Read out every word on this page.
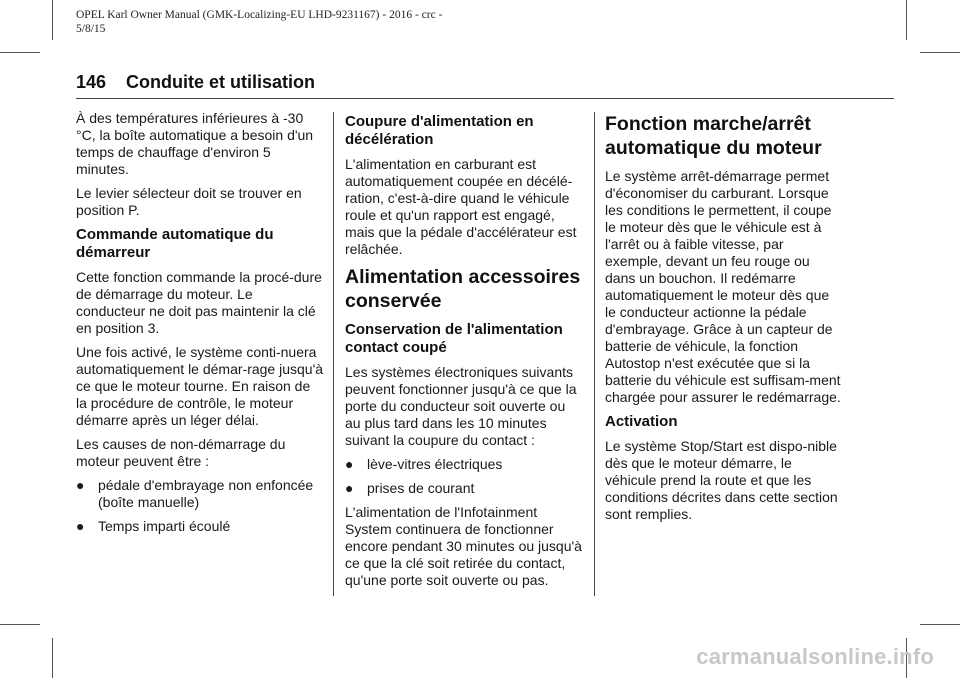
OPEL Karl Owner Manual (GMK-Localizing-EU LHD-9231167) - 2016 - crc -
5/8/15
146	Conduite et utilisation

À des températures inférieures à -30 °C, la boîte automatique a besoin d'un temps de chauffage d'environ 5 minutes.

Le levier sélecteur doit se trouver en position P.

Commande automatique du démarreur

Cette fonction commande la procé-dure de démarrage du moteur. Le conducteur ne doit pas maintenir la clé en position 3.

Une fois activé, le système conti-nuera automatiquement le démar-rage jusqu'à ce que le moteur tourne. En raison de la procédure de contrôle, le moteur démarre après un léger délai.

Les causes de non-démarrage du moteur peuvent être :

● pédale d'embrayage non enfoncée (boîte manuelle)
● Temps imparti écoulé
Coupure d'alimentation en décélération

L'alimentation en carburant est automatiquement coupée en décélé-ration, c'est-à-dire quand le véhicule roule et qu'un rapport est engagé, mais que la pédale d'accélérateur est relâchée.

Alimentation accessoires conservée
Conservation de l'alimentation contact coupé

Les systèmes électroniques suivants peuvent fonctionner jusqu'à ce que la porte du conducteur soit ouverte ou au plus tard dans les 10 minutes suivant la coupure du contact :

● lève-vitres électriques
● prises de courant

L'alimentation de l'Infotainment System continuera de fonctionner encore pendant 30 minutes ou jusqu'à ce que la clé soit retirée du contact, qu'une porte soit ouverte ou pas.

Fonction marche/arrêt automatique du moteur

Le système arrêt-démarrage permet d'économiser du carburant. Lorsque les conditions le permettent, il coupe le moteur dès que le véhicule est à l'arrêt ou à faible vitesse, par exemple, devant un feu rouge ou dans un bouchon. Il redémarre automatiquement le moteur dès que le conducteur actionne la pédale d'embrayage. Grâce à un capteur de batterie de véhicule, la fonction Autostop n'est exécutée que si la batterie du véhicule est suffisam-ment chargée pour assurer le redémarrage.

Activation

Le système Stop/Start est dispo-nible dès que le moteur démarre, le véhicule prend la route et que les conditions décrites dans cette section sont remplies.

carmanualsonline.info
